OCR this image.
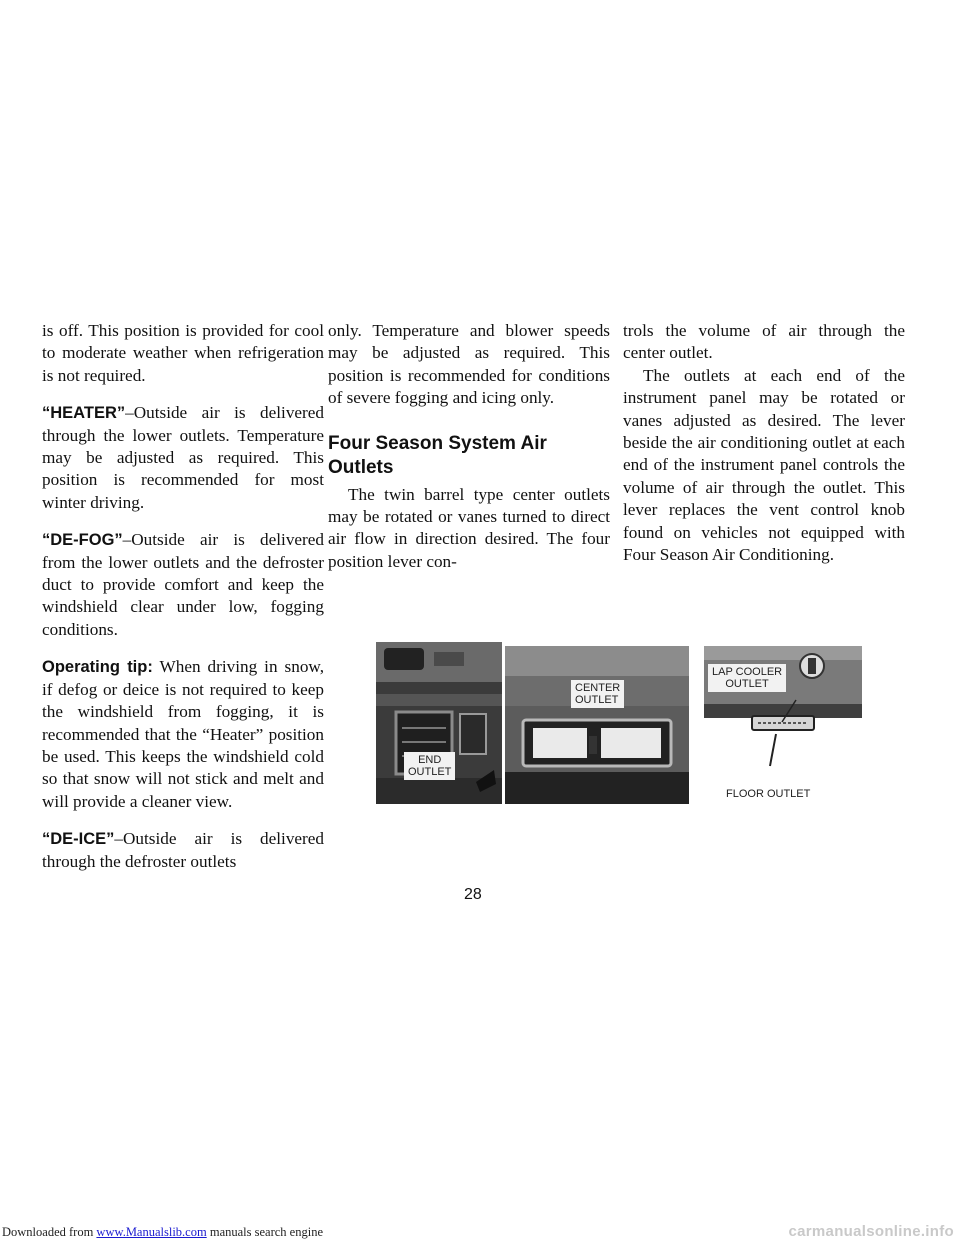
is off. This position is provided for cool to moderate weather when refrigeration is not required.

“HEATER”–Outside air is delivered through the lower outlets. Temperature may be adjusted as required. This position is recommended for most winter driving.

“DE-FOG”–Outside air is delivered from the lower outlets and the defroster duct to provide comfort and keep the windshield clear under low, fogging conditions.

Operating tip: When driving in snow, if defog or deice is not required to keep the windshield from fogging, it is recommended that the “Heater” position be used. This keeps the windshield cold so that snow will not stick and melt and will provide a cleaner view.

“DE-ICE”–Outside air is delivered through the defroster outlets

only. Temperature and blower speeds may be adjusted as required. This position is recommended for conditions of severe fogging and icing only.

Four Season System Air Outlets

The twin barrel type center outlets may be rotated or vanes turned to direct air flow in direction desired. The four position lever con-

trols the volume of air through the center outlet.

The outlets at each end of the instrument panel may be rotated or vanes adjusted as desired. The lever beside the air conditioning outlet at each end of the instrument panel controls the volume of air through the outlet. This lever replaces the vent control knob found on vehicles not equipped with Four Season Air Conditioning.

END
OUTLET
CENTER
OUTLET
LAP COOLER
OUTLET
FLOOR OUTLET
28
Downloaded from www.Manualslib.com manuals search engine	carmanualsonline.info
